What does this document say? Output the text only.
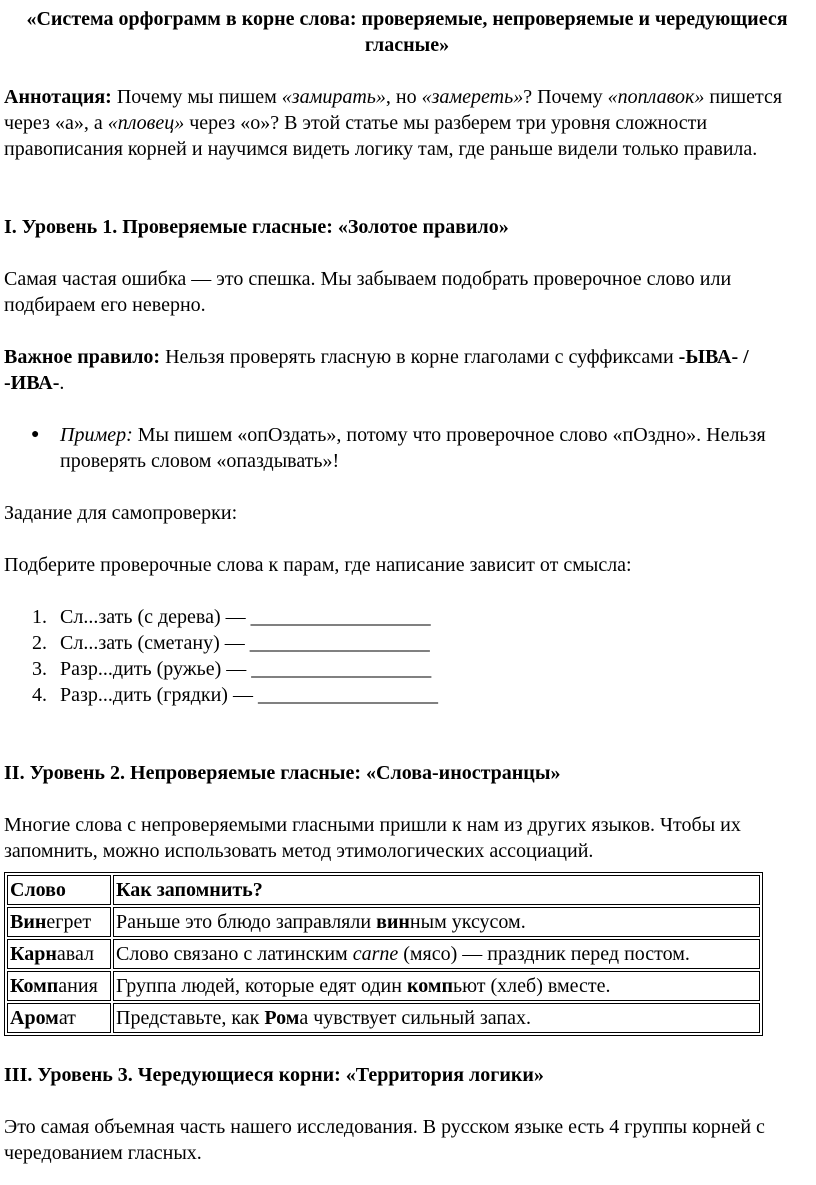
«Система орфограмм в корне слова: проверяемые, непроверяемые и чередующиеся гласные»

Аннотация: Почему мы пишем «замирать», но «замереть»? Почему «поплавок» пишется через «а», а «пловец» через «о»? В этой статье мы разберем три уровня сложности правописания корней и научимся видеть логику там, где раньше видели только правила.

I. Уровень 1. Проверяемые гласные: «Золотое правило»

Самая частая ошибка — это спешка. Мы забываем подобрать проверочное слово или подбираем его неверно.

Важное правило: Нельзя проверять гласную в корне глаголами с суффиксами -ЫВА- / -ИВА-.

● Пример: Мы пишем «опОздать», потому что проверочное слово «пОздно». Нельзя проверять словом «опаздывать»!

Задание для самопроверки:

Подберите проверочные слова к парам, где написание зависит от смысла:

1. Сл...зать (с дерева) — __________________
2. Сл...зать (сметану) — __________________
3. Разр...дить (ружье) — __________________
4. Разр...дить (грядки) — __________________
II. Уровень 2. Непроверяемые гласные: «Слова-иностранцы»

Многие слова с непроверяемыми гласными пришли к нам из других языков. Чтобы их запомнить, можно использовать метод этимологических ассоциаций.

Слово	Как запомнить?
Винегрет	Раньше это блюдо заправляли винным уксусом.
Карнавал	Слово связано с латинским carne (мясо) — праздник перед постом.
Компания	Группа людей, которые едят один компьют (хлеб) вместе.
Аромат	Представьте, как Рома чувствует сильный запах.
III. Уровень 3. Чередующиеся корни: «Территория логики»

Это самая объемная часть нашего исследования. В русском языке есть 4 группы корней с чередованием гласных.
